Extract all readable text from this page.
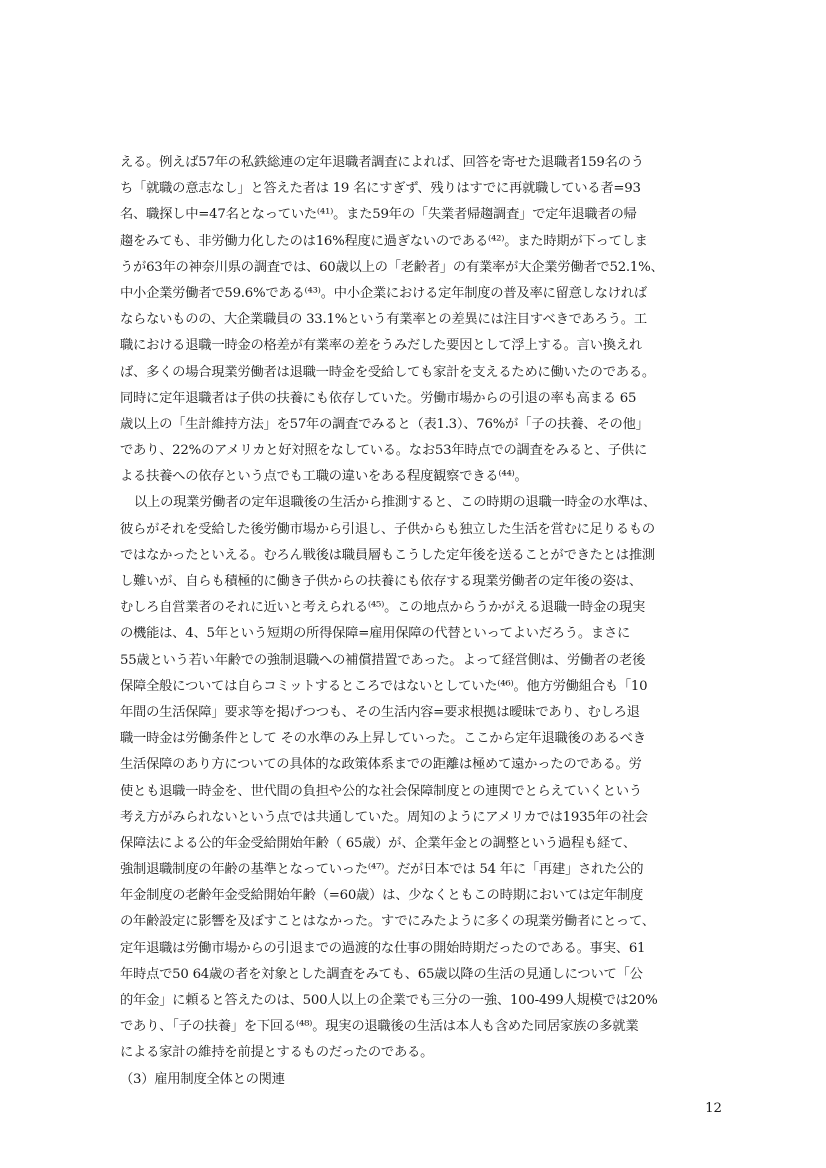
える。例えば57年の私鉄総連の定年退職者調査によれば、回答を寄せた退職者159名のう
ち「就職の意志なし」と答えた者は 19 名にすぎず、残りはすでに再就職している者=93
名、職探し中=47名となっていた⁽⁴¹⁾。また59年の「失業者帰趨調査」で定年退職者の帰
趨をみても、非労働力化したのは16%程度に過ぎないのである⁽⁴²⁾。また時期が下ってしま
うが63年の神奈川県の調査では、60歳以上の「老齢者」の有業率が大企業労働者で52.1%、
中小企業労働者で59.6%である⁽⁴³⁾。中小企業における定年制度の普及率に留意しなければ
ならないものの、大企業職員の 33.1%という有業率との差異には注目すべきであろう。工
職における退職一時金の格差が有業率の差をうみだした要因として浮上する。言い換えれ
ば、多くの場合現業労働者は退職一時金を受給しても家計を支えるために働いたのである。
同時に定年退職者は子供の扶養にも依存していた。労働市場からの引退の率も高まる 65
歳以上の「生計維持方法」を57年の調査でみると（表1.3）、76%が「子の扶養、その他」
であり、22%のアメリカと好対照をなしている。なお53年時点での調査をみると、子供に
よる扶養への依存という点でも工職の違いをある程度観察できる⁽⁴⁴⁾。
以上の現業労働者の定年退職後の生活から推測すると、この時期の退職一時金の水準は、
彼らがそれを受給した後労働市場から引退し、子供からも独立した生活を営むに足りるもの
ではなかったといえる。むろん戦後は職員層もこうした定年後を送ることができたとは推測
し難いが、自らも積極的に働き子供からの扶養にも依存する現業労働者の定年後の姿は、
むしろ自営業者のそれに近いと考えられる⁽⁴⁵⁾。この地点からうかがえる退職一時金の現実
の機能は、4、5年という短期の所得保障=雇用保障の代替といってよいだろう。まさに
55歳という若い年齢での強制退職への補償措置であった。よって経営側は、労働者の老後
保障全般については自らコミットするところではないとしていた⁽⁴⁶⁾。他方労働組合も「10
年間の生活保障」要求等を掲げつつも、その生活内容=要求根拠は曖昧であり、むしろ退
職一時金は労働条件として その水準のみ上昇していった。ここから定年退職後のあるべき
生活保障のあり方についての具体的な政策体系までの距離は極めて遠かったのである。労
使とも退職一時金を、世代間の負担や公的な社会保障制度との連関でとらえていくという
考え方がみられないという点では共通していた。周知のようにアメリカでは1935年の社会
保障法による公的年金受給開始年齢（ 65歳）が、企業年金との調整という過程も経て、
強制退職制度の年齢の基準となっていった⁽⁴⁷⁾。だが日本では 54 年に「再建」された公的
年金制度の老齢年金受給開始年齢（=60歳）は、少なくともこの時期においては定年制度
の年齢設定に影響を及ぼすことはなかった。すでにみたように多くの現業労働者にとって、
定年退職は労働市場からの引退までの過渡的な仕事の開始時期だったのである。事実、61
年時点で50 64歳の者を対象とした調査をみても、65歳以降の生活の見通しについて「公
的年金」に頼ると答えたのは、500人以上の企業でも三分の一強、100-499人規模では20%
であり、「子の扶養」を下回る⁽⁴⁸⁾。現実の退職後の生活は本人も含めた同居家族の多就業
による家計の維持を前提とするものだったのである。
（3）雇用制度全体との関連
12
